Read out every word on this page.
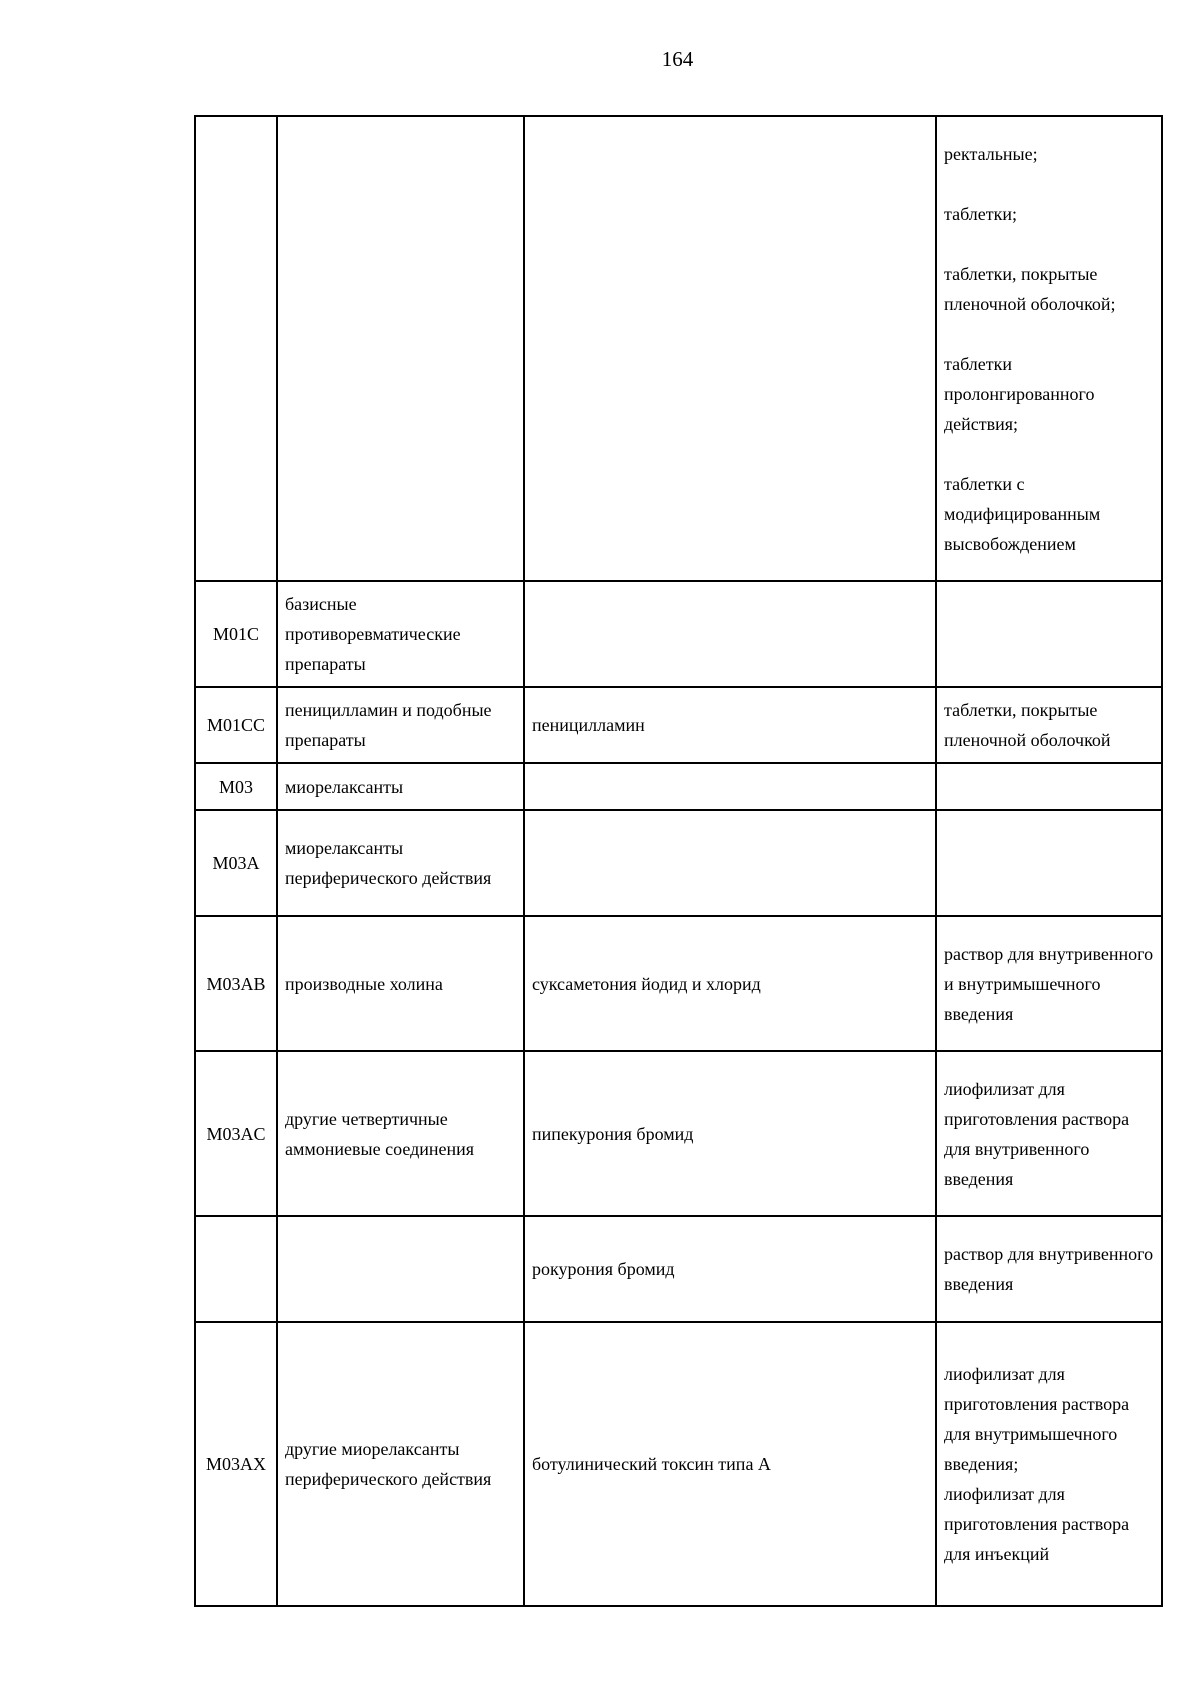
164

			ректальные;
таблетки;
таблетки, покрытые пленочной оболочкой;
таблетки пролонгированного действия;
таблетки с модифицированным высвобождением

M01C	базисные противоревматические препараты		
M01CC	пеницилламин и подобные препараты	пеницилламин	таблетки, покрытые пленочной оболочкой

M03	миорелаксанты		
M03A	миорелаксанты периферического действия		
M03AB	производные холина	суксаметония йодид и хлорид	раствор для внутривенного и внутримышечного введения

M03AC	другие четвертичные аммониевые соединения	пипекурония бромид	лиофилизат для приготовления раствора для внутривенного введения

		рокурония бромид	раствор для внутривенного введения

M03AX	другие миорелаксанты периферического действия	ботулинический токсин типа A	лиофилизат для приготовления раствора для внутримышечного введения;
лиофилизат для приготовления раствора для инъекций
